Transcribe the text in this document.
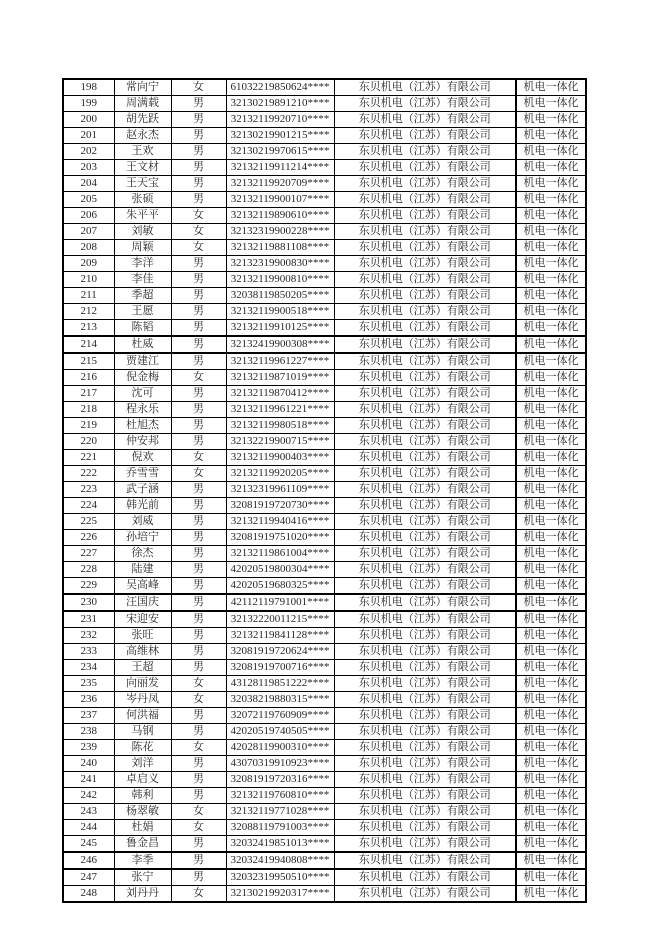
198	常向宁	女	61032219850624****	东贝机电（江苏）有限公司	机电一体化
199	周满载	男	32130219891210****	东贝机电（江苏）有限公司	机电一体化
200	胡先跃	男	32132119920710****	东贝机电（江苏）有限公司	机电一体化
201	赵永杰	男	32130219901215****	东贝机电（江苏）有限公司	机电一体化
202	王欢	男	32130219970615****	东贝机电（江苏）有限公司	机电一体化
203	王文材	男	32132119911214****	东贝机电（江苏）有限公司	机电一体化
204	王天宝	男	32132119920709****	东贝机电（江苏）有限公司	机电一体化
205	张硕	男	32132119900107****	东贝机电（江苏）有限公司	机电一体化
206	朱平平	女	32132119890610****	东贝机电（江苏）有限公司	机电一体化
207	刘敏	女	32132319900228****	东贝机电（江苏）有限公司	机电一体化
208	周颖	女	32132119881108****	东贝机电（江苏）有限公司	机电一体化
209	李洋	男	32132319900830****	东贝机电（江苏）有限公司	机电一体化
210	李佳	男	32132119900810****	东贝机电（江苏）有限公司	机电一体化
211	季超	男	32038119850205****	东贝机电（江苏）有限公司	机电一体化
212	王愿	男	32132119900518****	东贝机电（江苏）有限公司	机电一体化
213	陈韬	男	32132119910125****	东贝机电（江苏）有限公司	机电一体化
214	杜威	男	32132419900308****	东贝机电（江苏）有限公司	机电一体化
215	贾建江	男	32132119961227****	东贝机电（江苏）有限公司	机电一体化
216	倪金梅	女	32132119871019****	东贝机电（江苏）有限公司	机电一体化
217	沈可	男	32132119870412****	东贝机电（江苏）有限公司	机电一体化
218	程永乐	男	32132119961221****	东贝机电（江苏）有限公司	机电一体化
219	杜旭杰	男	32132119980518****	东贝机电（江苏）有限公司	机电一体化
220	仲安邦	男	32132219900715****	东贝机电（江苏）有限公司	机电一体化
221	倪欢	女	32132119900403****	东贝机电（江苏）有限公司	机电一体化
222	乔雪雪	女	32132119920205****	东贝机电（江苏）有限公司	机电一体化
223	武子涵	男	32132319961109****	东贝机电（江苏）有限公司	机电一体化
224	韩光前	男	32081919720730****	东贝机电（江苏）有限公司	机电一体化
225	刘威	男	32132119940416****	东贝机电（江苏）有限公司	机电一体化
226	孙培宁	男	32081919751020****	东贝机电（江苏）有限公司	机电一体化
227	徐杰	男	32132119861004****	东贝机电（江苏）有限公司	机电一体化
228	陆建	男	42020519800304****	东贝机电（江苏）有限公司	机电一体化
229	吴高峰	男	42020519680325****	东贝机电（江苏）有限公司	机电一体化
230	汪国庆	男	42112119791001****	东贝机电（江苏）有限公司	机电一体化
231	宋迎安	男	32132220011215****	东贝机电（江苏）有限公司	机电一体化
232	张旺	男	32132119841128****	东贝机电（江苏）有限公司	机电一体化
233	高维林	男	32081919720624****	东贝机电（江苏）有限公司	机电一体化
234	王超	男	32081919700716****	东贝机电（江苏）有限公司	机电一体化
235	向丽发	女	43128119851222****	东贝机电（江苏）有限公司	机电一体化
236	岑丹凤	女	32038219880315****	东贝机电（江苏）有限公司	机电一体化
237	何洪福	男	32072119760909****	东贝机电（江苏）有限公司	机电一体化
238	马钢	男	42020519740505****	东贝机电（江苏）有限公司	机电一体化
239	陈花	女	42028119900310****	东贝机电（江苏）有限公司	机电一体化
240	刘洋	男	43070319910923****	东贝机电（江苏）有限公司	机电一体化
241	卓启义	男	32081919720316****	东贝机电（江苏）有限公司	机电一体化
242	韩利	男	32132119760810****	东贝机电（江苏）有限公司	机电一体化
243	杨翠敏	女	32132119771028****	东贝机电（江苏）有限公司	机电一体化
244	杜娟	女	32088119791003****	东贝机电（江苏）有限公司	机电一体化
245	鲁金昌	男	32032419851013****	东贝机电（江苏）有限公司	机电一体化
246	李季	男	32032419940808****	东贝机电（江苏）有限公司	机电一体化
247	张宁	男	32032319950510****	东贝机电（江苏）有限公司	机电一体化
248	刘丹丹	女	32130219920317****	东贝机电（江苏）有限公司	机电一体化
